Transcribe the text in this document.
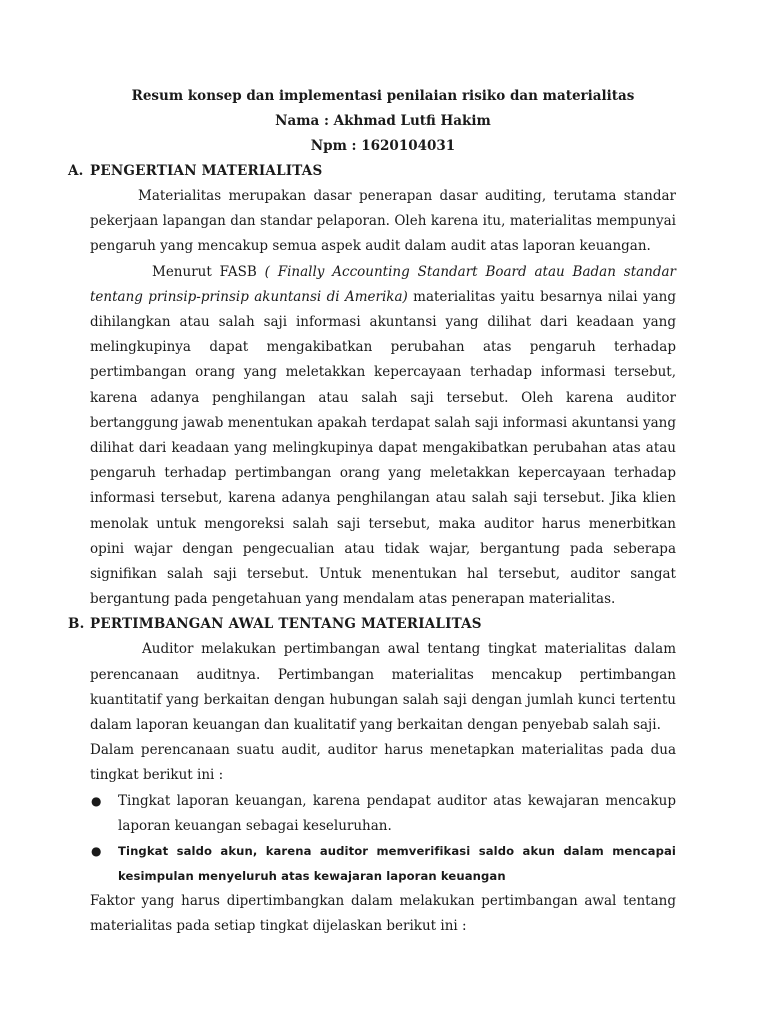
Resum konsep dan implementasi penilaian risiko dan materialitas

Nama : Akhmad Lutfi Hakim

Npm : 1620104031

A. PENGERTIAN MATERIALITAS

Materialitas merupakan dasar penerapan dasar auditing, terutama standar pekerjaan lapangan dan standar pelaporan. Oleh karena itu, materialitas mempunyai pengaruh yang mencakup semua aspek audit dalam audit atas laporan keuangan.

Menurut FASB ( Finally Accounting Standart Board atau Badan standar tentang prinsip-prinsip akuntansi di Amerika) materialitas yaitu besarnya nilai yang dihilangkan atau salah saji informasi akuntansi yang dilihat dari keadaan yang melingkupinya dapat mengakibatkan perubahan atas pengaruh terhadap pertimbangan orang yang meletakkan kepercayaan terhadap informasi tersebut, karena adanya penghilangan atau salah saji tersebut. Oleh karena auditor bertanggung jawab menentukan apakah terdapat salah saji informasi akuntansi yang dilihat dari keadaan yang melingkupinya dapat mengakibatkan perubahan atas atau pengaruh terhadap pertimbangan orang yang meletakkan kepercayaan terhadap informasi tersebut, karena adanya penghilangan atau salah saji tersebut. Jika klien menolak untuk mengoreksi salah saji tersebut, maka auditor harus menerbitkan opini wajar dengan pengecualian atau tidak wajar, bergantung pada seberapa signifikan salah saji tersebut. Untuk menentukan hal tersebut, auditor sangat bergantung pada pengetahuan yang mendalam atas penerapan materialitas.

B. PERTIMBANGAN AWAL TENTANG MATERIALITAS

Auditor melakukan pertimbangan awal tentang tingkat materialitas dalam perencanaan auditnya. Pertimbangan materialitas mencakup pertimbangan kuantitatif yang berkaitan dengan hubungan salah saji dengan jumlah kunci tertentu dalam laporan keuangan dan kualitatif yang berkaitan dengan penyebab salah saji.

Dalam perencanaan suatu audit, auditor harus menetapkan materialitas pada dua tingkat berikut ini :

● Tingkat laporan keuangan, karena pendapat auditor atas kewajaran mencakup laporan keuangan sebagai keseluruhan.

● Tingkat saldo akun, karena auditor memverifikasi saldo akun dalam mencapai kesimpulan menyeluruh atas kewajaran laporan keuangan

Faktor yang harus dipertimbangkan dalam melakukan pertimbangan awal tentang materialitas pada setiap tingkat dijelaskan berikut ini :
